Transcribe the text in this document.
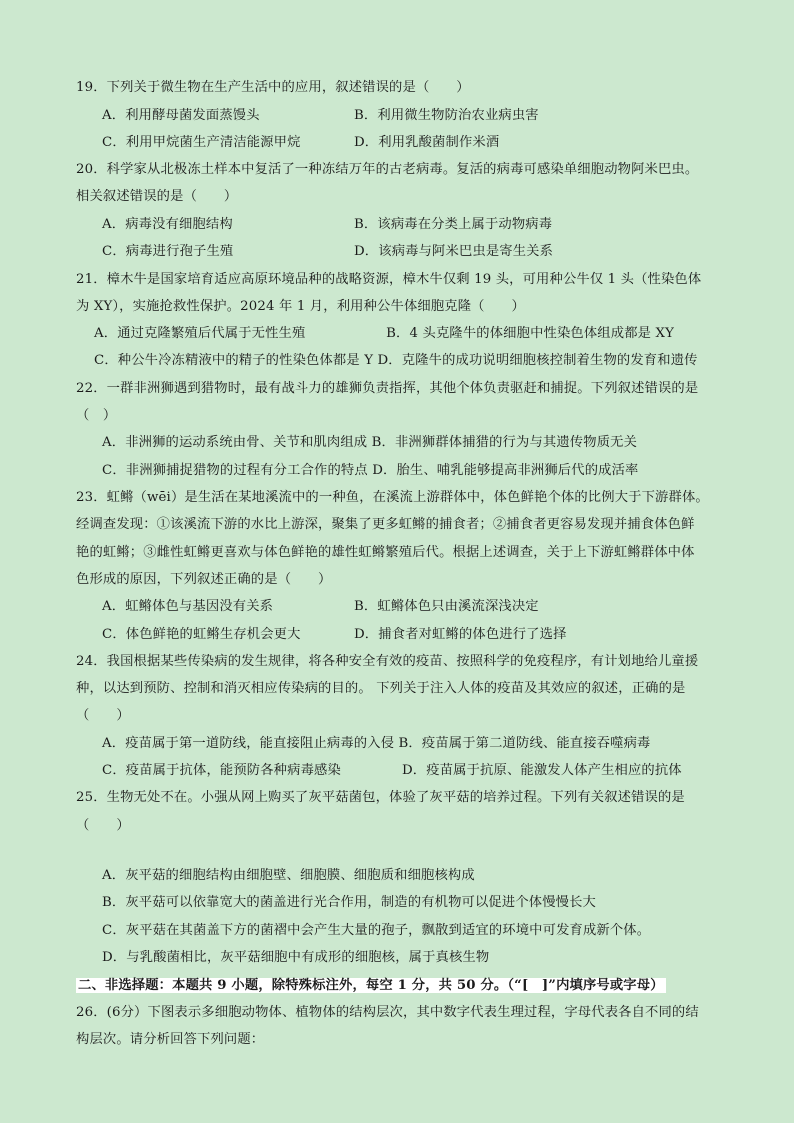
19．下列关于微生物在生产生活中的应用，叙述错误的是（　　）
A．利用酵母菌发面蒸馒头	B．利用微生物防治农业病虫害
C．利用甲烷菌生产清洁能源甲烷	D．利用乳酸菌制作米酒
20．科学家从北极冻土样本中复活了一种冻结万年的古老病毒。复活的病毒可感染单细胞动物阿米巴虫。
相关叙述错误的是（　　）
A．病毒没有细胞结构	B．该病毒在分类上属于动物病毒
C．病毒进行孢子生殖	D．该病毒与阿米巴虫是寄生关系
21．樟木牛是国家培育适应高原环境品种的战略资源，樟木牛仅剩 19 头，可用种公牛仅 1 头（性染色体
为 XY），实施抢救性保护。2024 年 1 月，利用种公牛体细胞克隆（　　）
A．通过克隆繁殖后代属于无性生殖　　　　　　B．4 头克隆牛的体细胞中性染色体组成都是 XY
C．种公牛冷冻精液中的精子的性染色体都是 Y D．克隆牛的成功说明细胞核控制着生物的发育和遗传
22．一群非洲狮遇到猎物时，最有战斗力的雄狮负责指挥，其他个体负责驱赶和捕捉。下列叙述错误的是
（　）
A．非洲狮的运动系统由骨、关节和肌肉组成 B．非洲狮群体捕猎的行为与其遗传物质无关
C．非洲狮捕捉猎物的过程有分工合作的特点 D．胎生、哺乳能够提高非洲狮后代的成活率
23．虹鳉（wēi）是生活在某地溪流中的一种鱼，在溪流上游群体中，体色鲜艳个体的比例大于下游群体。
经调查发现：①该溪流下游的水比上游深，聚集了更多虹鳉的捕食者；②捕食者更容易发现并捕食体色鲜
艳的虹鳉；③雌性虹鳉更喜欢与体色鲜艳的雄性虹鳉繁殖后代。根据上述调查，关于上下游虹鳉群体中体
色形成的原因，下列叙述正确的是（　　）
A．虹鳉体色与基因没有关系	B．虹鳉体色只由溪流深浅决定
C．体色鲜艳的虹鳉生存机会更大	D．捕食者对虹鳉的体色进行了选择
24．我国根据某些传染病的发生规律，将各种安全有效的疫苗、按照科学的免疫程序，有计划地给儿童援
种，以达到预防、控制和消灭相应传染病的目的。 下列关于注入人体的疫苗及其效应的叙述，正确的是
（　　）
A．疫苗属于第一道防线，能直接阻止病毒的入侵 B．疫苗属于第二道防线、能直接吞噬病毒
C．疫苗属于抗体，能预防各种病毒感染	D．疫苗属于抗原、能激发人体产生相应的抗体
25．生物无处不在。小强从网上购买了灰平菇菌包，体验了灰平菇的培养过程。下列有关叙述错误的是
（　　）
A．灰平菇的细胞结构由细胞壁、细胞膜、细胞质和细胞核构成
B．灰平菇可以依靠宽大的菌盖进行光合作用，制造的有机物可以促进个体慢慢长大
C．灰平菇在其菌盖下方的菌褶中会产生大量的孢子，飘散到适宜的环境中可发育成新个体。
D．与乳酸菌相比，灰平菇细胞中有成形的细胞核，属于真核生物
二、非选择题：本题共 9 小题，除特殊标注外，每空 1 分，共 50 分。（“[　]”内填序号或字母）
26．(6分）下图表示多细胞动物体、植物体的结构层次，其中数字代表生理过程，字母代表各自不同的结
构层次。请分析回答下列问题：
